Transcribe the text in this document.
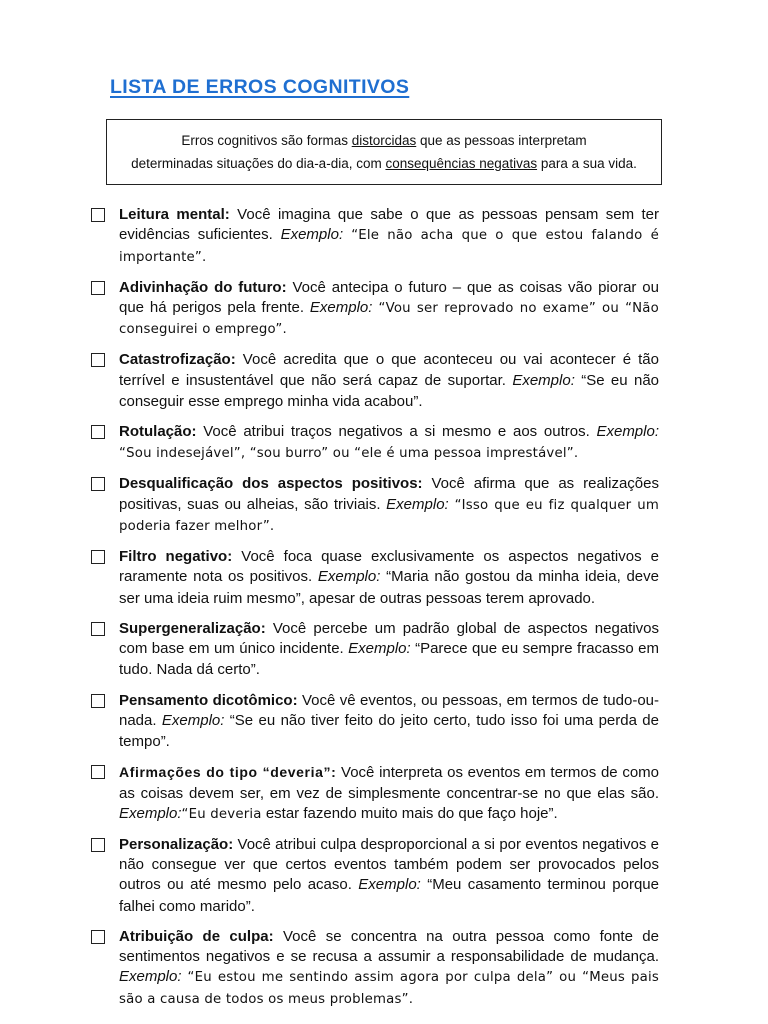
LISTA DE ERROS COGNITIVOS
Erros cognitivos são formas distorcidas que as pessoas interpretam
determinadas situações do dia-a-dia, com consequências negativas para a sua vida.
Leitura mental: Você imagina que sabe o que as pessoas pensam sem ter evidências suficientes. Exemplo: “Ele não acha que o que estou falando é importante”.
Adivinhação do futuro: Você antecipa o futuro – que as coisas vão piorar ou que há perigos pela frente. Exemplo: “Vou ser reprovado no exame” ou “Não conseguirei o emprego”.
Catastrofização: Você acredita que o que aconteceu ou vai acontecer é tão terrível e insustentável que não será capaz de suportar. Exemplo: “Se eu não conseguir esse emprego minha vida acabou”.
Rotulação: Você atribui traços negativos a si mesmo e aos outros. Exemplo: “Sou indesejável”, “sou burro” ou “ele é uma pessoa imprestável”.
Desqualificação dos aspectos positivos: Você afirma que as realizações positivas, suas ou alheias, são triviais. Exemplo: “Isso que eu fiz qualquer um poderia fazer melhor”.
Filtro negativo: Você foca quase exclusivamente os aspectos negativos e raramente nota os positivos. Exemplo: “Maria não gostou da minha ideia, deve ser uma ideia ruim mesmo”, apesar de outras pessoas terem aprovado.
Supergeneralização: Você percebe um padrão global de aspectos negativos com base em um único incidente. Exemplo: “Parece que eu sempre fracasso em tudo. Nada dá certo”.
Pensamento dicotômico: Você vê eventos, ou pessoas, em termos de tudo-ou-nada. Exemplo: “Se eu não tiver feito do jeito certo, tudo isso foi uma perda de tempo”.
Afirmações do tipo “deveria”: Você interpreta os eventos em termos de como as coisas devem ser, em vez de simplesmente concentrar-se no que elas são. Exemplo:“Eu deveria estar fazendo muito mais do que faço hoje”.
Personalização: Você atribui culpa desproporcional a si por eventos negativos e não consegue ver que certos eventos também podem ser provocados pelos outros ou até mesmo pelo acaso. Exemplo: “Meu casamento terminou porque falhei como marido”.
Atribuição de culpa: Você se concentra na outra pessoa como fonte de sentimentos negativos e se recusa a assumir a responsabilidade de mudança. Exemplo: “Eu estou me sentindo assim agora por culpa dela” ou “Meus pais são a causa de todos os meus problemas”.
